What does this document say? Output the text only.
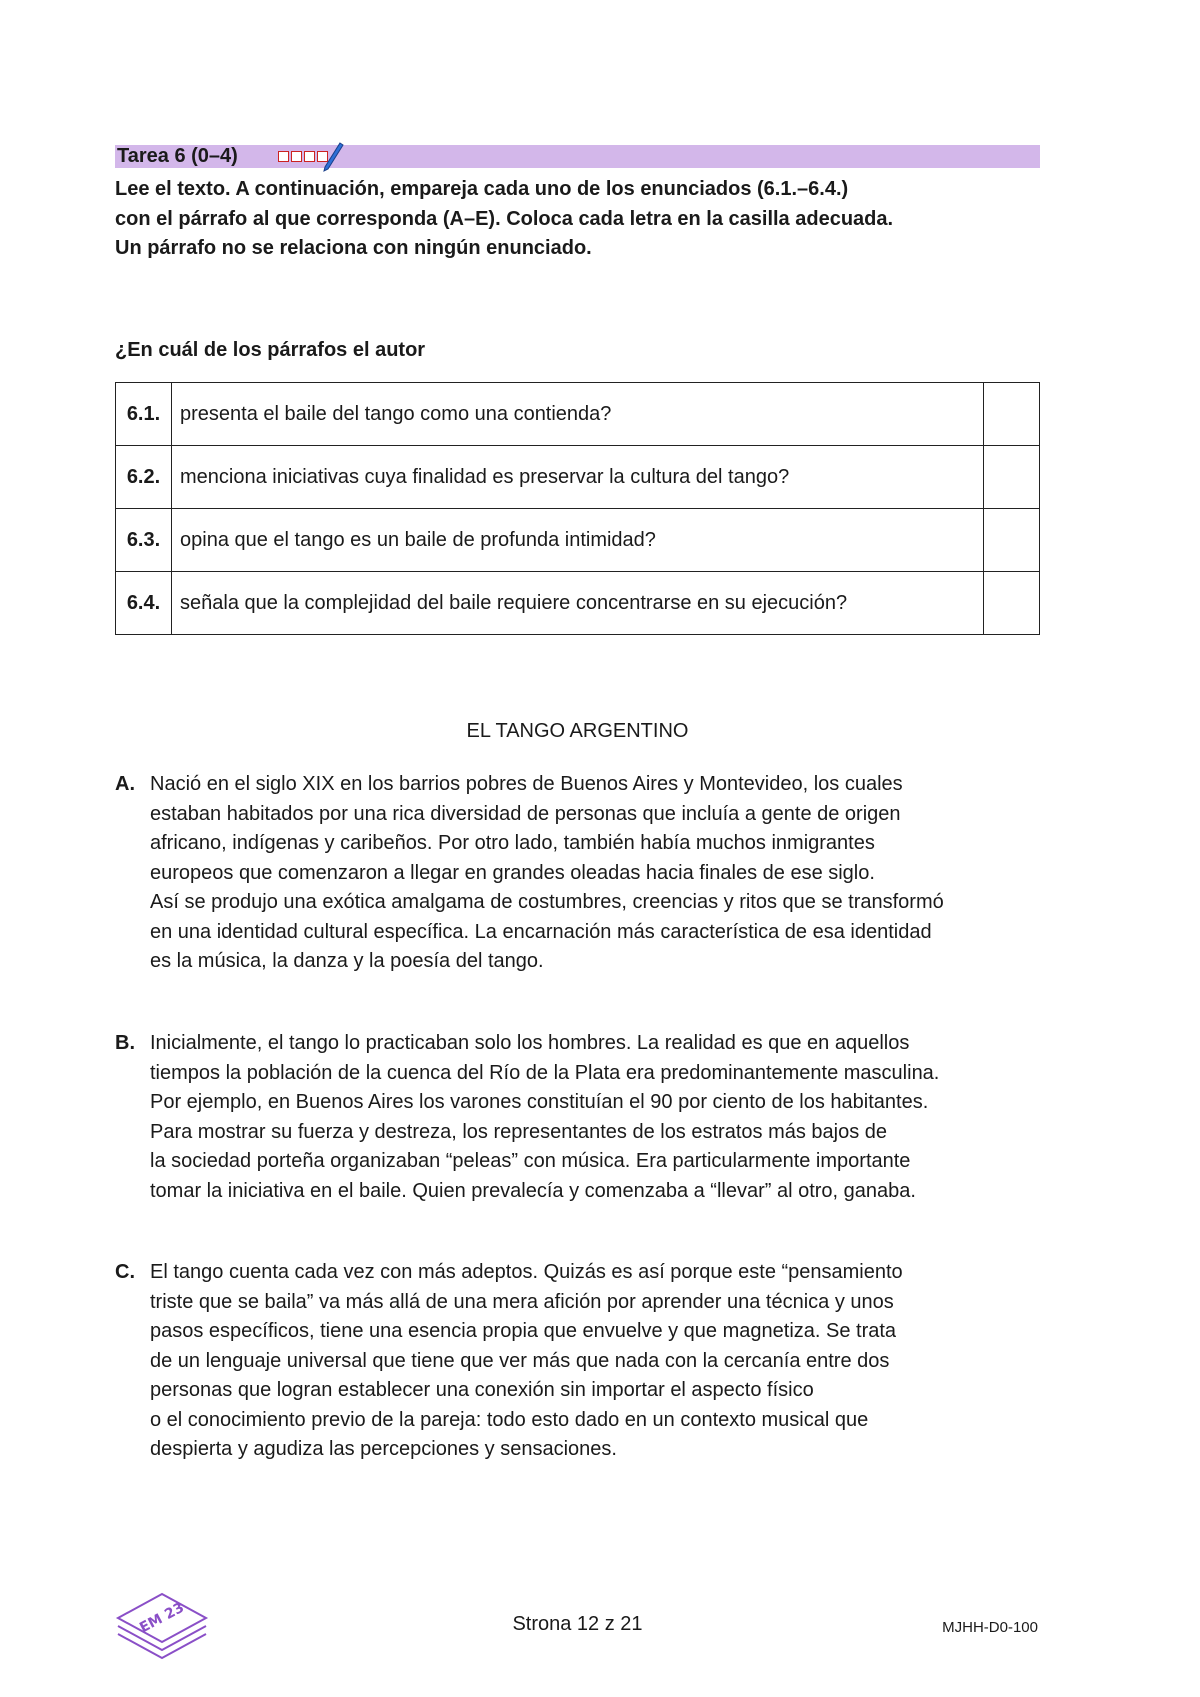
Tarea 6 (0–4)
Lee el texto. A continuación, empareja cada uno de los enunciados (6.1.–6.4.)
con el párrafo al que corresponda (A–E). Coloca cada letra en la casilla adecuada.
Un párrafo no se relaciona con ningún enunciado.
¿En cuál de los párrafos el autor
6.1.	presenta el baile del tango como una contienda?	
6.2.	menciona iniciativas cuya finalidad es preservar la cultura del tango?	
6.3.	opina que el tango es un baile de profunda intimidad?	
6.4.	señala que la complejidad del baile requiere concentrarse en su ejecución?	
EL TANGO ARGENTINO
A. Nació en el siglo XIX en los barrios pobres de Buenos Aires y Montevideo, los cuales
estaban habitados por una rica diversidad de personas que incluía a gente de origen
africano, indígenas y caribeños. Por otro lado, también había muchos inmigrantes
europeos que comenzaron a llegar en grandes oleadas hacia finales de ese siglo.
Así se produjo una exótica amalgama de costumbres, creencias y ritos que se transformó
en una identidad cultural específica. La encarnación más característica de esa identidad
es la música, la danza y la poesía del tango.
B. Inicialmente, el tango lo practicaban solo los hombres. La realidad es que en aquellos
tiempos la población de la cuenca del Río de la Plata era predominantemente masculina.
Por ejemplo, en Buenos Aires los varones constituían el 90 por ciento de los habitantes.
Para mostrar su fuerza y destreza, los representantes de los estratos más bajos de
la sociedad porteña organizaban “peleas” con música. Era particularmente importante
tomar la iniciativa en el baile. Quien prevalecía y comenzaba a “llevar” al otro, ganaba.
C. El tango cuenta cada vez con más adeptos. Quizás es así porque este “pensamiento
triste que se baila” va más allá de una mera afición por aprender una técnica y unos
pasos específicos, tiene una esencia propia que envuelve y que magnetiza. Se trata
de un lenguaje universal que tiene que ver más que nada con la cercanía entre dos
personas que logran establecer una conexión sin importar el aspecto físico
o el conocimiento previo de la pareja: todo esto dado en un contexto musical que
despierta y agudiza las percepciones y sensaciones.
EM 23	Strona 12 z 21	MJHH-D0-100
